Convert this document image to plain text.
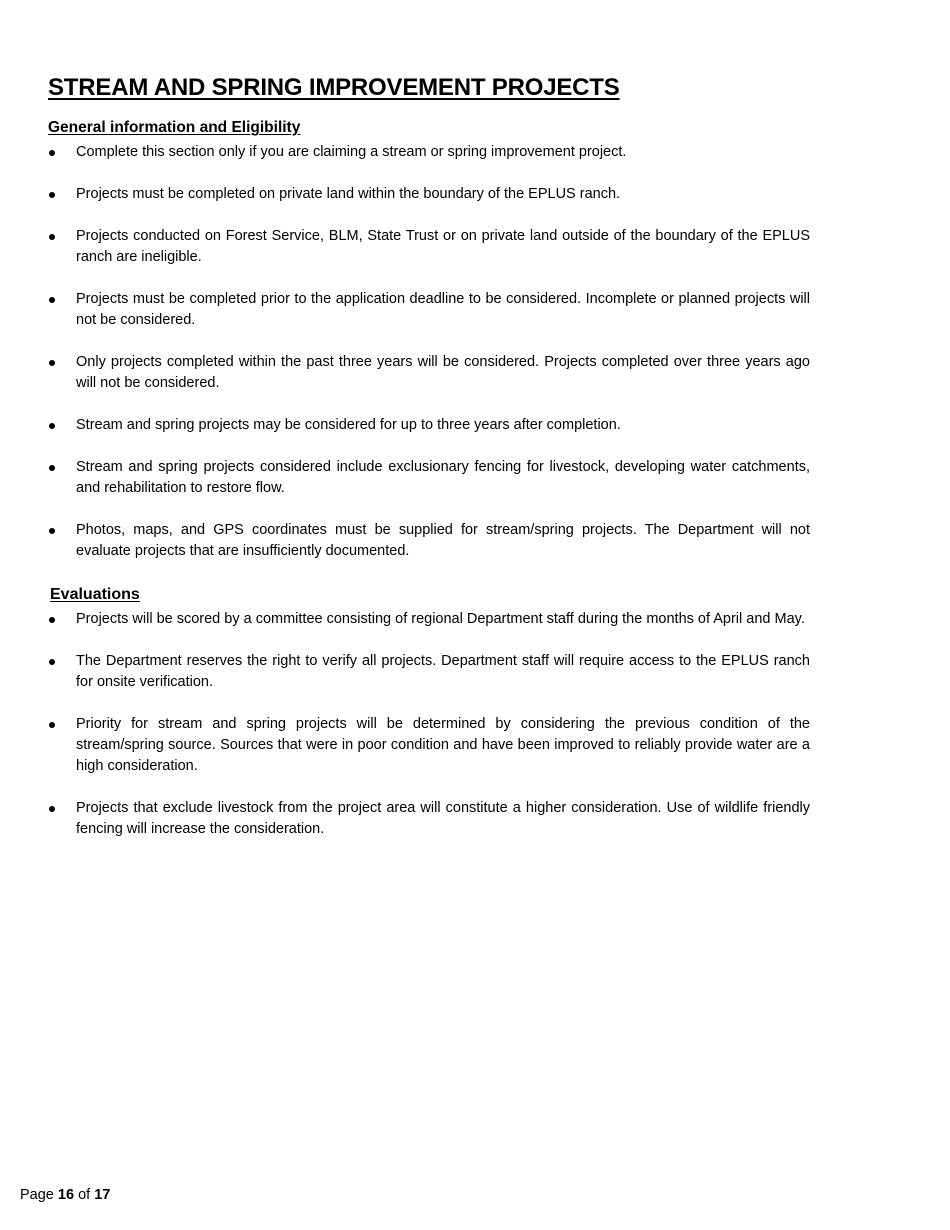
STREAM AND SPRING IMPROVEMENT PROJECTS
General information and Eligibility
Complete this section only if you are claiming a stream or spring improvement project.
Projects must be completed on private land within the boundary of the EPLUS ranch.
Projects conducted on Forest Service, BLM, State Trust or on private land outside of the boundary of the EPLUS ranch are ineligible.
Projects must be completed prior to the application deadline to be considered. Incomplete or planned projects will not be considered.
Only projects completed within the past three years will be considered. Projects completed over three years ago will not be considered.
Stream and spring projects may be considered for up to three years after completion.
Stream and spring projects considered include exclusionary fencing for livestock, developing water catchments, and rehabilitation to restore flow.
Photos, maps, and GPS coordinates must be supplied for stream/spring projects. The Department will not evaluate projects that are insufficiently documented.
Evaluations
Projects will be scored by a committee consisting of regional Department staff during the months of April and May.
The Department reserves the right to verify all projects. Department staff will require access to the EPLUS ranch for onsite verification.
Priority for stream and spring projects will be determined by considering the previous condition of the stream/spring source. Sources that were in poor condition and have been improved to reliably provide water are a high consideration.
Projects that exclude livestock from the project area will constitute a higher consideration. Use of wildlife friendly fencing will increase the consideration.
Page 16 of 17
